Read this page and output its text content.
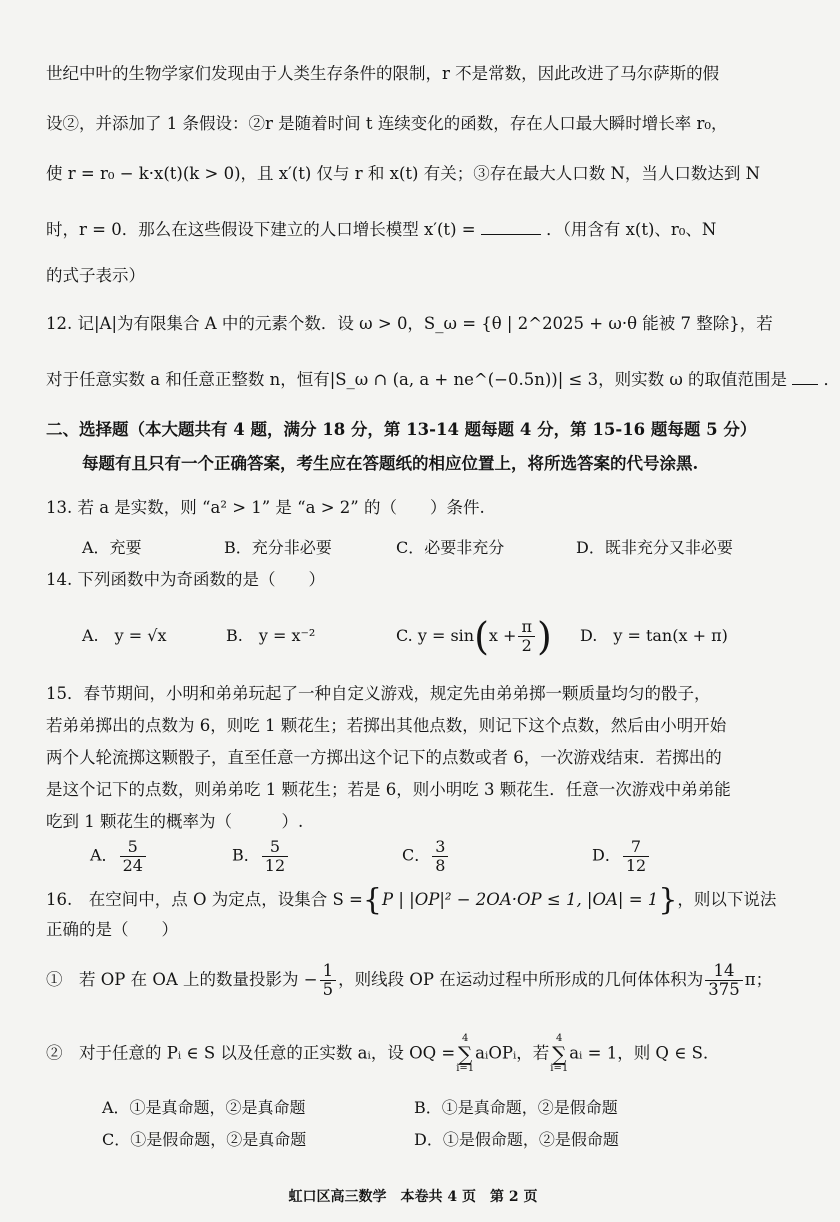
世纪中叶的生物学家们发现由于人类生存条件的限制，r 不是常数，因此改进了马尔萨斯的假
设②，并添加了 1 条假设：②r 是随着时间 t 连续变化的函数，存在人口最大瞬时增长率 r₀，
使 r = r₀ − k·x(t)(k > 0)，且 x′(t) 仅与 r 和 x(t) 有关；③存在最大人口数 N，当人口数达到 N
时，r = 0．那么在这些假设下建立的人口增长模型 x′(t) =	．（用含有 x(t)、r₀、N
的式子表示）
12. 记|A|为有限集合 A 中的元素个数．设 ω > 0，S_ω = {θ | 2^2025 + ω·θ 能被 7 整除}，若
对于任意实数 a 和任意正整数 n，恒有|S_ω ∩ (a, a + ne^(−0.5n))| ≤ 3，则实数 ω 的取值范围是 ．
二、选择题（本大题共有 4 题，满分 18 分，第 13-14 题每题 4 分，第 15-16 题每题 5 分）
每题有且只有一个正确答案，考生应在答题纸的相应位置上，将所选答案的代号涂黑.
13. 若 a 是实数，则 “a² > 1” 是 “a > 2” 的（　　）条件.
A．充要	B．充分非必要	C．必要非充分	D．既非充分又非必要
14. 下列函数中为奇函数的是（　　）
A.　y = √x	B.　y = x⁻²	C. $y = \sin(x + \frac{\pi}{2}$ ) D.　y = tan(x + π)
15．春节期间，小明和弟弟玩起了一种自定义游戏，规定先由弟弟掷一颗质量均匀的骰子，
若弟弟掷出的点数为 6，则吃 1 颗花生；若掷出其他点数，则记下这个点数，然后由小明开始
两个人轮流掷这颗骰子，直至任意一方掷出这个记下的点数或者 6，一次游戏结束．若掷出的
是这个记下的点数，则弟弟吃 1 颗花生；若是 6，则小明吃 3 颗花生．任意一次游戏中弟弟能
吃到 1 颗花生的概率为（　　　）.
A． $\frac{5}{24}$	B． $\frac{5}{12}$	C． $\frac{3}{8}$	D． $\frac{7}{12}$
16.　在空间中，点 O 为定点，设集合 S ={P | |OP|² − 2OA·OP ≤ 1, |OA| = 1}，则以下说法
正确的是（　　）
①　若 OP 在 OA 上的数量投影为 − $\frac{1}{5}$ ，则线段 OP 在运动过程中所形成的几何体体积为 $\frac{14}{375}$ π；
②　对于任意的 Pᵢ ∈ S 以及任意的正实数 aᵢ，设 OQ =4
∑
i=1aᵢOPᵢ，若4
∑
i=1aᵢ = 1，则 Q ∈ S．
A．①是真命题，②是真命题	B．①是真命题，②是假命题
C．①是假命题，②是真命题	D．①是假命题，②是假命题
虹口区高三数学　本卷共 4 页　第 2 页
